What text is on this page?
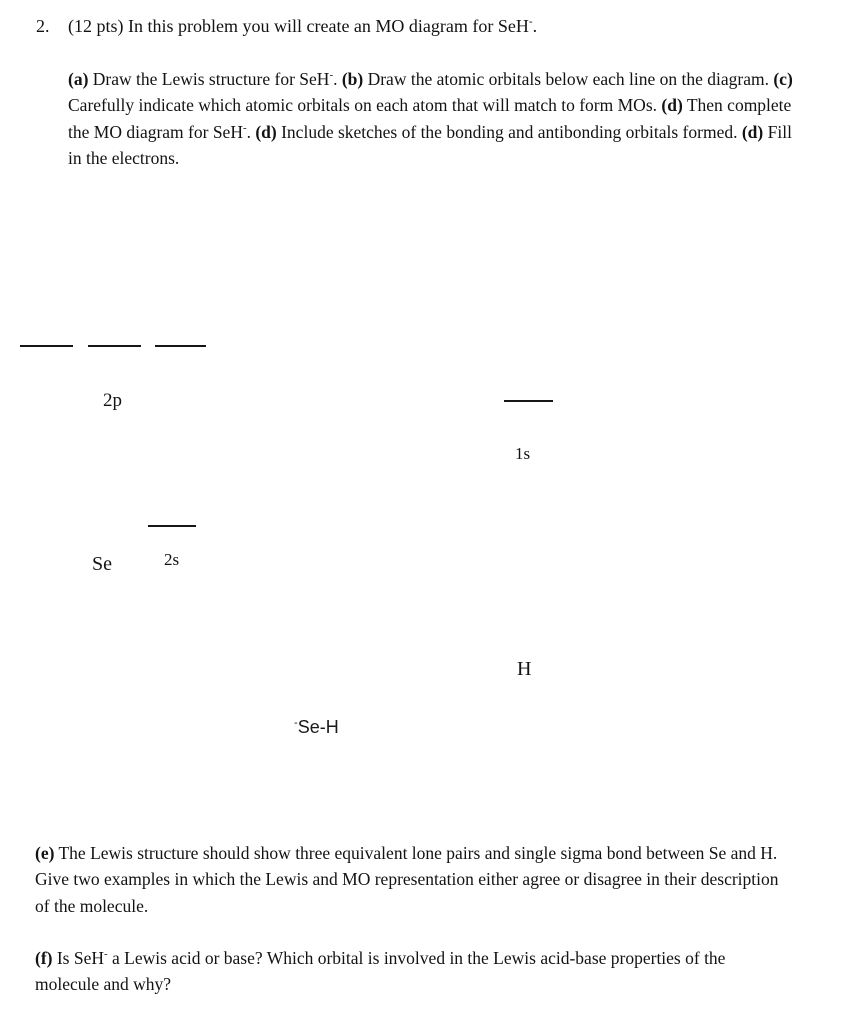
2. (12 pts) In this problem you will create an MO diagram for SeH-.

(a) Draw the Lewis structure for SeH-. (b) Draw the atomic orbitals below each line on the diagram. (c) Carefully indicate which atomic orbitals on each atom that will match to form MOs. (d) Then complete the MO diagram for SeH-. (d) Include sketches of the bonding and antibonding orbitals formed. (d) Fill in the electrons.

2p
1s
Se	2s
H
-Se-H

(e) The Lewis structure should show three equivalent lone pairs and single sigma bond between Se and H. Give two examples in which the Lewis and MO representation either agree or disagree in their description of the molecule.

(f) Is SeH- a Lewis acid or base? Which orbital is involved in the Lewis acid-base properties of the molecule and why?
